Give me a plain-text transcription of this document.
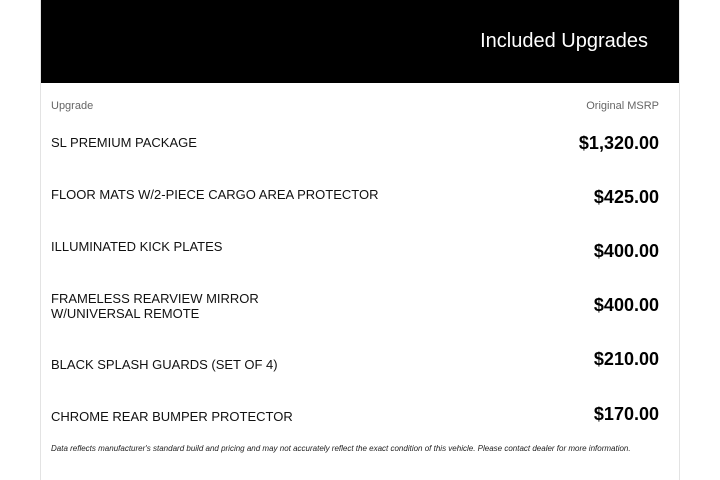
Included Upgrades
Upgrade	Original MSRP
SL PREMIUM PACKAGE	$1,320.00
FLOOR MATS W/2-PIECE CARGO AREA PROTECTOR	$425.00
ILLUMINATED KICK PLATES	$400.00
FRAMELESS REARVIEW MIRROR W/UNIVERSAL REMOTE	$400.00
BLACK SPLASH GUARDS (SET OF 4)	$210.00
CHROME REAR BUMPER PROTECTOR	$170.00
Data reflects manufacturer's standard build and pricing and may not accurately reflect the exact condition of this vehicle. Please contact dealer for more information.
